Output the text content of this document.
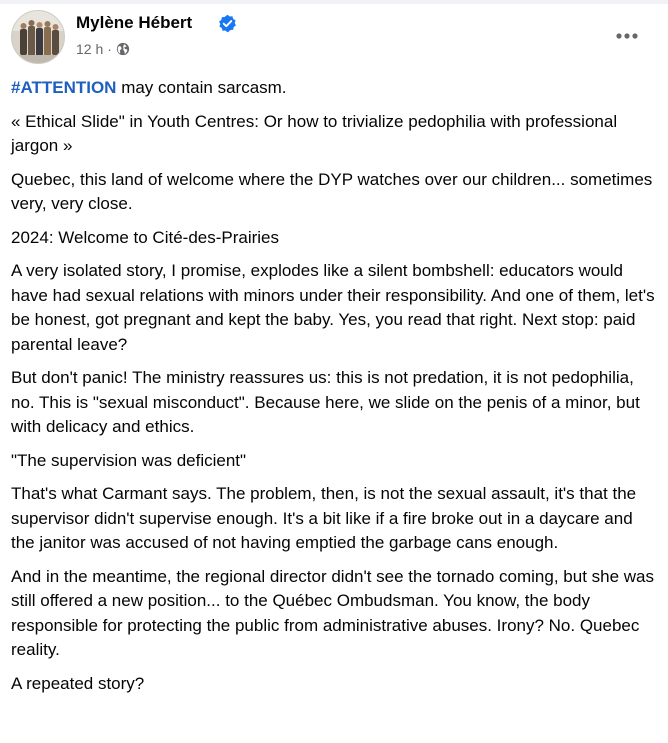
Mylène Hébert
12 h ·

#ATTENTION may contain sarcasm.

« Ethical Slide" in Youth Centres: Or how to trivialize pedophilia with professional jargon »

Quebec, this land of welcome where the DYP watches over our children... sometimes very, very close.

2024: Welcome to Cité-des-Prairies

A very isolated story, I promise, explodes like a silent bombshell: educators would have had sexual relations with minors under their responsibility. And one of them, let's be honest, got pregnant and kept the baby. Yes, you read that right. Next stop: paid parental leave?

But don't panic! The ministry reassures us: this is not predation, it is not pedophilia, no. This is "sexual misconduct". Because here, we slide on the penis of a minor, but with delicacy and ethics.

"The supervision was deficient"

That's what Carmant says. The problem, then, is not the sexual assault, it's that the supervisor didn't supervise enough. It's a bit like if a fire broke out in a daycare and the janitor was accused of not having emptied the garbage cans enough.

And in the meantime, the regional director didn't see the tornado coming, but she was still offered a new position... to the Québec Ombudsman. You know, the body responsible for protecting the public from administrative abuses. Irony? No. Quebec reality.

A repeated story?
